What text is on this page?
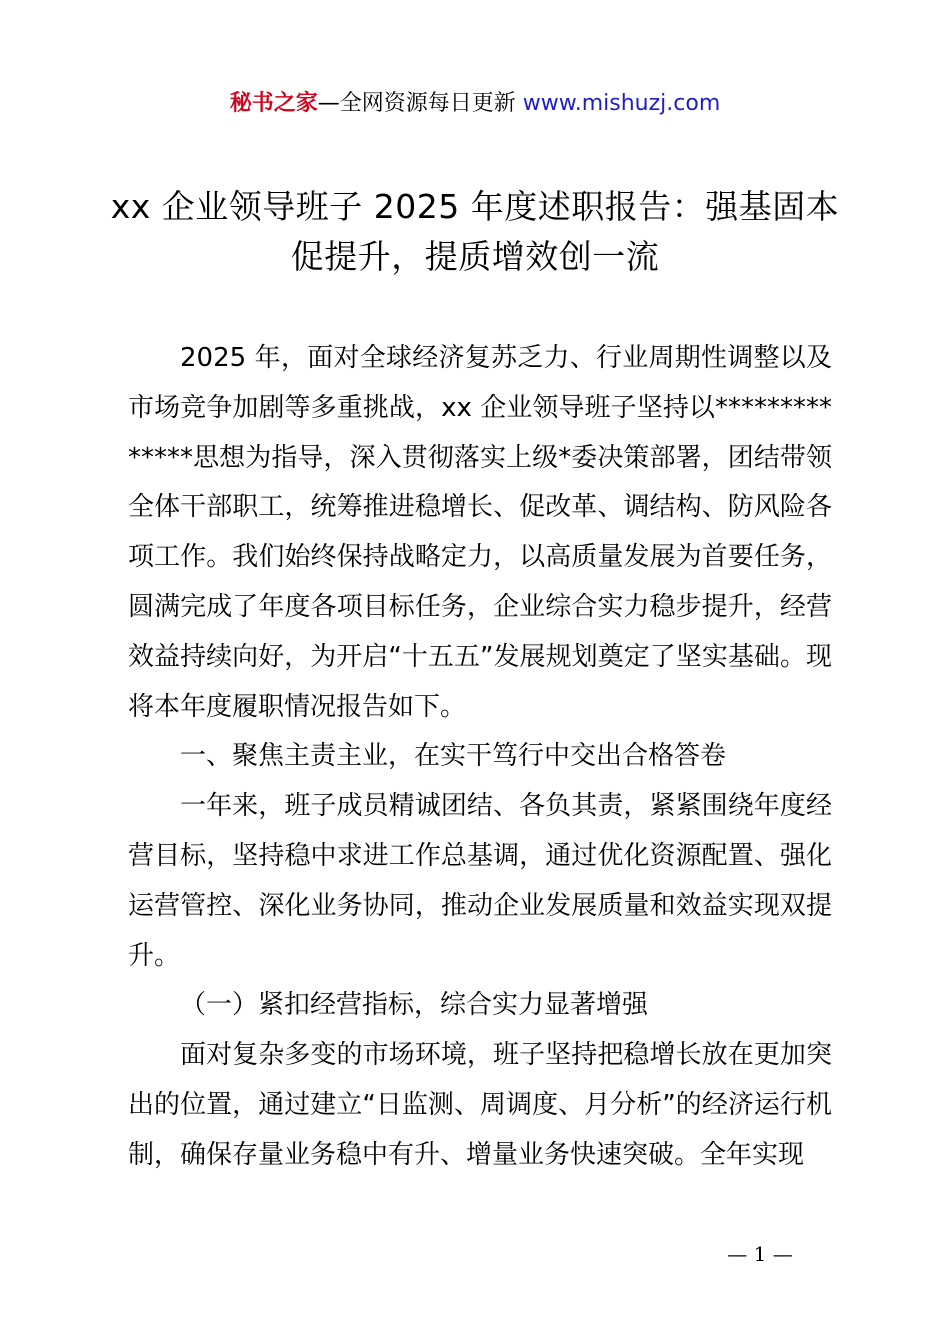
秘书之家—全网资源每日更新 www.mishuzj.com
xx 企业领导班子 2025 年度述职报告：强基固本促提升，提质增效创一流

2025 年，面对全球经济复苏乏力、行业周期性调整以及市场竞争加剧等多重挑战，xx 企业领导班子坚持以**************思想为指导，深入贯彻落实上级*委决策部署，团结带领全体干部职工，统筹推进稳增长、促改革、调结构、防风险各项工作。我们始终保持战略定力，以高质量发展为首要任务，圆满完成了年度各项目标任务，企业综合实力稳步提升，经营效益持续向好，为开启“十五五”发展规划奠定了坚实基础。现将本年度履职情况报告如下。

一、聚焦主责主业，在实干笃行中交出合格答卷

一年来，班子成员精诚团结、各负其责，紧紧围绕年度经营目标，坚持稳中求进工作总基调，通过优化资源配置、强化运营管控、深化业务协同，推动企业发展质量和效益实现双提升。

（一）紧扣经营指标，综合实力显著增强

面对复杂多变的市场环境，班子坚持把稳增长放在更加突出的位置，通过建立“日监测、周调度、月分析”的经济运行机制，确保存量业务稳中有升、增量业务快速突破。全年实现

— 1 —
